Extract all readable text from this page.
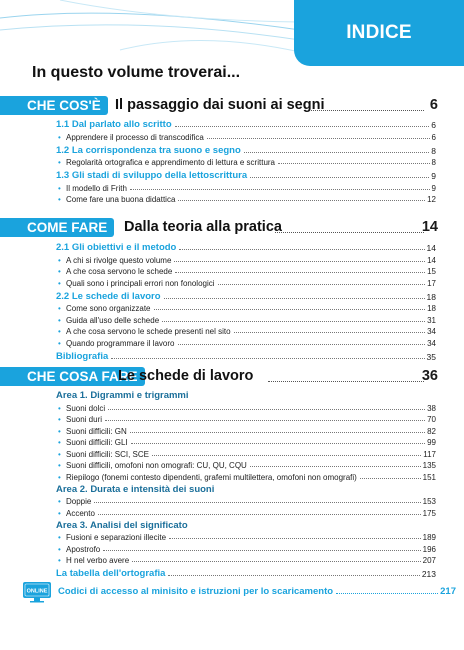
INDICE
In questo volume troverai...
CHE COS'È Il passaggio dai suoni ai segni	6
1.1 Dal parlato allo scritto	6
• Apprendere il processo di transcodifica	6
1.2 La corrispondenza tra suono e segno	8
• Regolarità ortografica e apprendimento di lettura e scrittura	8
1.3 Gli stadi di sviluppo della lettoscrittura	9
• Il modello di Frith	9
• Come fare una buona didattica	12
COME FARE	Dalla teoria alla pratica	14
2.1 Gli obiettivi e il metodo	14
• A chi si rivolge questo volume	14
• A che cosa servono le schede	15
• Quali sono i principali errori non fonologici	17
2.2 Le schede di lavoro	18
• Come sono organizzate	18
• Guida all'uso delle schede	31
• A che cosa servono le schede presenti nel sito	34
• Quando programmare il lavoro	34
Bibliografia	35
CHE COSA FARE
Le schede di lavoro	36
Area 1. Digrammi e trigrammi
• Suoni dolci	38
• Suoni duri	70
• Suoni difficili: GN	82
• Suoni difficili: GLI	99
• Suoni difficili: SCI, SCE	117
• Suoni difficili, omofoni non omografi: CU, QU, CQU	135
• Riepilogo (fonemi contesto dipendenti, grafemi multilettera, omofoni non omografi)	151
Area 2. Durata e intensità dei suoni
• Doppie	153
• Accento	175
Area 3. Analisi del significato
• Fusioni e separazioni illecite	189
• Apostrofo	196
• H nel verbo avere	207
La tabella dell'ortografia	213
ONLINE Codici di accesso al minisito e istruzioni per lo scaricamento	217
